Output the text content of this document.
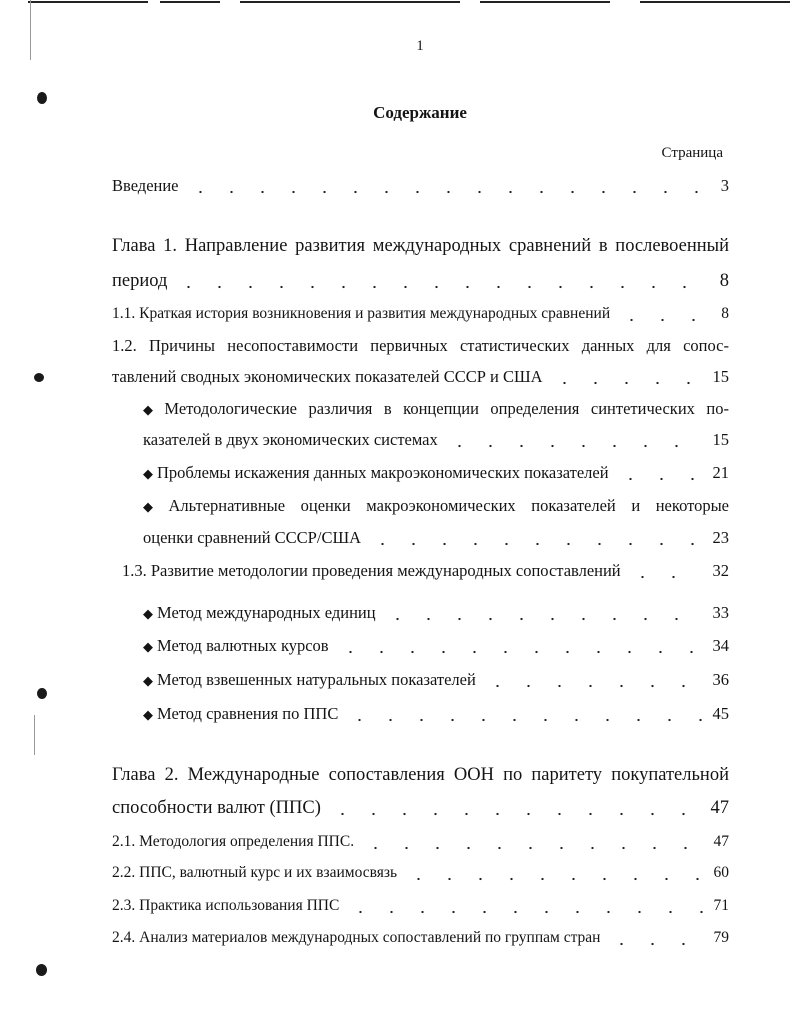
1
Содержание
Страница
Введение	3
Глава 1. Направление развития международных сравнений в послевоенный
период	8
1.1. Краткая история возникновения и развития международных сравнений	8
1.2. Причины несопоставимости первичных статистических данных для сопос-
тавлений сводных экономических показателей СССР и США	15
◆ Методологические различия в концепции определения синтетических по-
казателей в двух экономических системах	15
◆ Проблемы искажения данных макроэкономических показателей	21
◆ Альтернативные оценки макроэкономических показателей и некоторые
оценки сравнений СССР/США	23
1.3. Развитие методологии проведения международных сопоставлений	32
◆ Метод международных единиц	33
◆ Метод валютных курсов	34
◆ Метод взвешенных натуральных показателей	36
◆ Метод сравнения по ППС	45
Глава 2. Международные сопоставления ООН по паритету покупательной
способности валют (ППС)	47
2.1. Методология определения ППС.	47
2.2. ППС, валютный курс и их взаимосвязь	60
2.3. Практика использования ППС	71
2.4. Анализ материалов международных сопоставлений по группам стран	79
